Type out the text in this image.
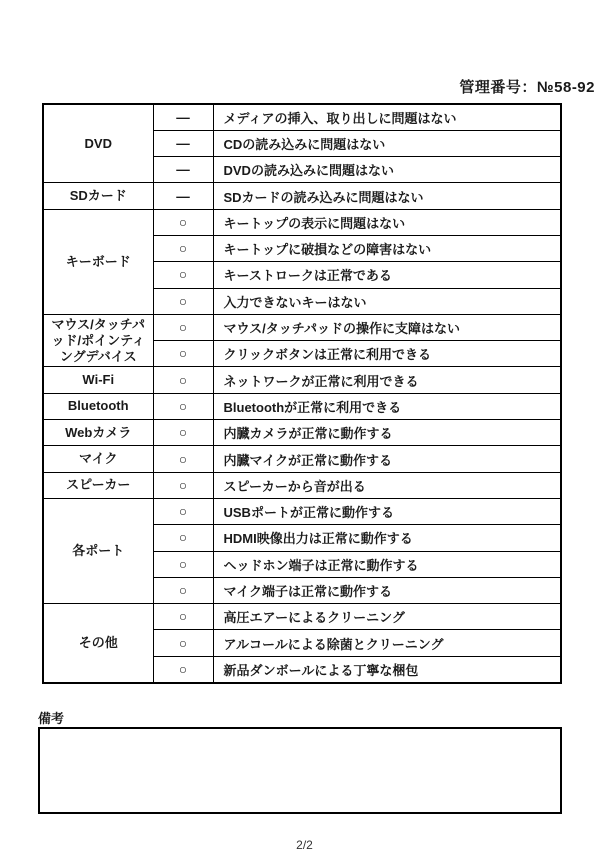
管理番号：№58-92
DVD	—	メディアの挿入、取り出しに問題はない
	—	CDの読み込みに問題はない
	—	DVDの読み込みに問題はない
SDカード	—	SDカードの読み込みに問題はない
キーボード	○	キートップの表示に問題はない
	○	キートップに破損などの障害はない
	○	キーストロークは正常である
	○	入力できないキーはない
マウス/タッチパッド/ポインティングデバイス	○	マウス/タッチパッドの操作に支障はない
	○	クリックボタンは正常に利用できる
Wi-Fi	○	ネットワークが正常に利用できる
Bluetooth	○	Bluetoothが正常に利用できる
Webカメラ	○	内臓カメラが正常に動作する
マイク	○	内臓マイクが正常に動作する
スピーカー	○	スピーカーから音が出る
各ポート	○	USBポートが正常に動作する
	○	HDMI映像出力は正常に動作する
	○	ヘッドホン端子は正常に動作する
	○	マイク端子は正常に動作する
その他	○	高圧エアーによるクリーニング
	○	アルコールによる除菌とクリーニング
	○	新品ダンボールによる丁寧な梱包
備考
2/2
